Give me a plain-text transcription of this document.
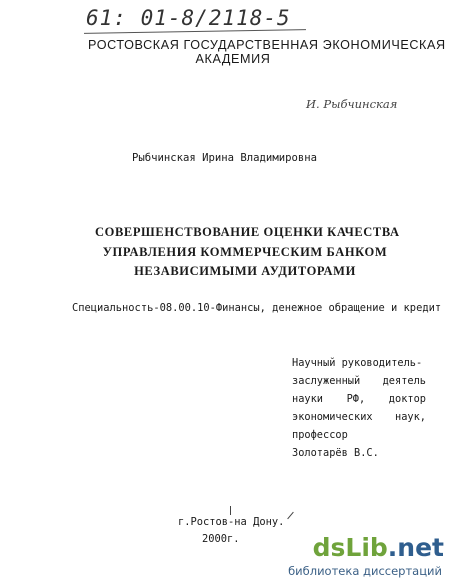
61: 01-8/2118-5
РОСТОВСКАЯ ГОСУДАРСТВЕННАЯ ЭКОНОМИЧЕСКАЯ
АКАДЕМИЯ
И. Рыбчинская
Рыбчинская Ирина Владимировна
СОВЕРШЕНСТВОВАНИЕ ОЦЕНКИ КАЧЕСТВА
УПРАВЛЕНИЯ КОММЕРЧЕСКИМ БАНКОМ
НЕЗАВИСИМЫМИ АУДИТОРАМИ
Специальность-08.00.10-Финансы, денежное обращение и кредит
Научный руководитель-
заслуженный деятель
науки РФ, доктор
экономических наук,
профессор
Золотарёв В.С.
г.Ростов-на Дону.
2000г.	dsLib.net
библиотека диссертаций
